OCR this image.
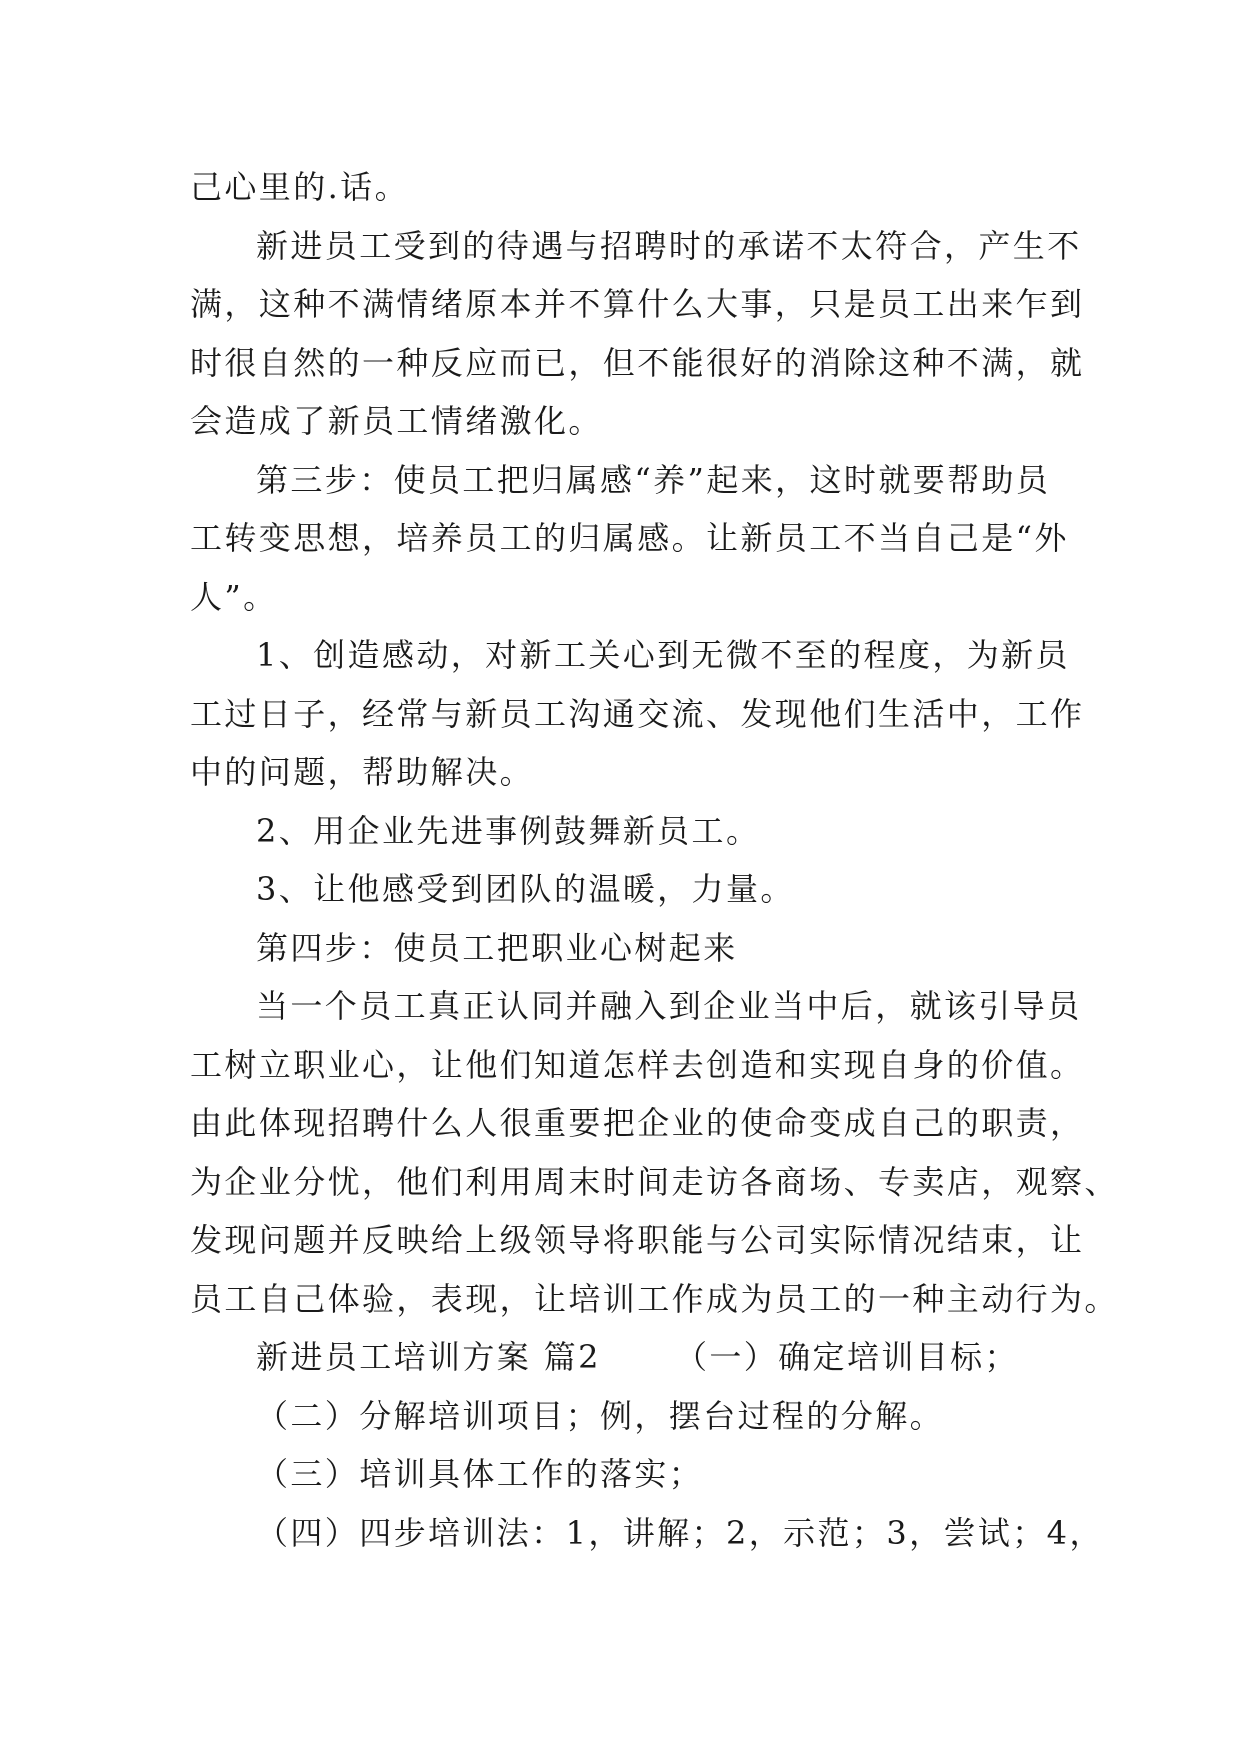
己心里的.话。
新进员工受到的待遇与招聘时的承诺不太符合，产生不
满，这种不满情绪原本并不算什么大事，只是员工出来乍到
时很自然的一种反应而已，但不能很好的消除这种不满，就
会造成了新员工情绪激化。
第三步：使员工把归属感“养”起来，这时就要帮助员
工转变思想，培养员工的归属感。让新员工不当自己是“外
人”。
1、创造感动，对新工关心到无微不至的程度，为新员
工过日子，经常与新员工沟通交流、发现他们生活中，工作
中的问题，帮助解决。
2、用企业先进事例鼓舞新员工。
3、让他感受到团队的温暖，力量。
第四步：使员工把职业心树起来
当一个员工真正认同并融入到企业当中后，就该引导员
工树立职业心，让他们知道怎样去创造和实现自身的价值。
由此体现招聘什么人很重要把企业的使命变成自己的职责，
为企业分忧，他们利用周末时间走访各商场、专卖店，观察、
发现问题并反映给上级领导将职能与公司实际情况结束，让
员工自己体验，表现，让培训工作成为员工的一种主动行为。
新进员工培训方案 篇2 （一）确定培训目标；
（二）分解培训项目；例，摆台过程的分解。
（三）培训具体工作的落实；
（四）四步培训法：1，讲解；2，示范；3，尝试；4，
